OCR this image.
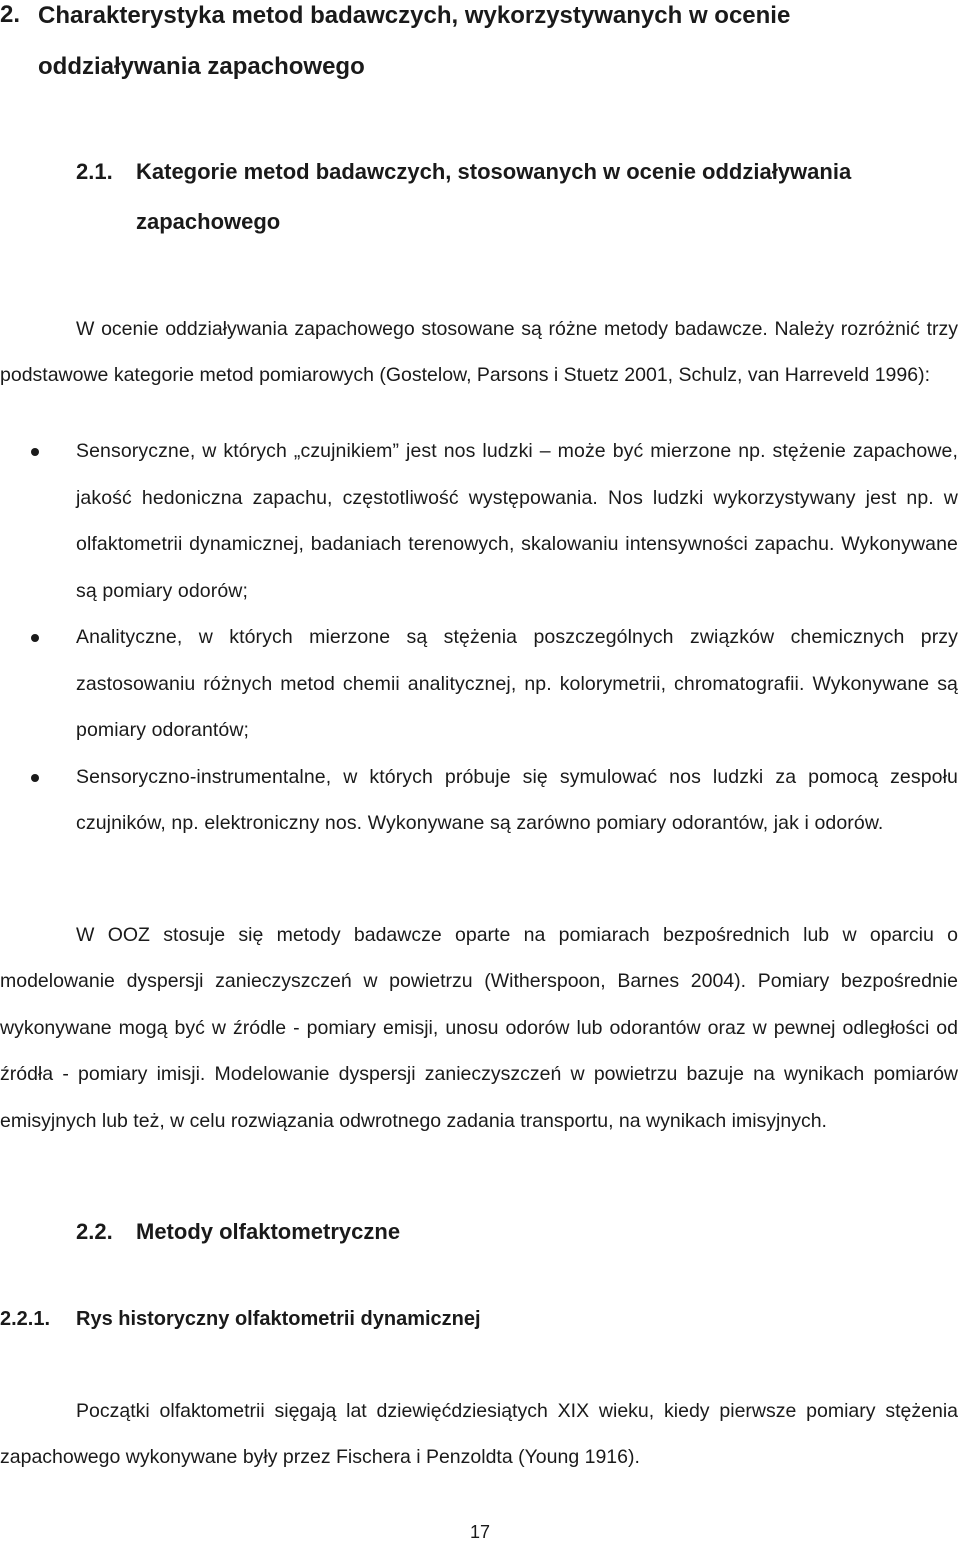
2. Charakterystyka metod badawczych, wykorzystywanych w ocenie oddziaływania zapachowego
2.1. Kategorie metod badawczych, stosowanych w ocenie oddziaływania zapachowego

W ocenie oddziaływania zapachowego stosowane są różne metody badawcze. Należy rozróżnić trzy podstawowe kategorie metod pomiarowych (Gostelow, Parsons i Stuetz 2001, Schulz, van Harreveld 1996):

Sensoryczne, w których „czujnikiem” jest nos ludzki – może być mierzone np. stężenie zapachowe, jakość hedoniczna zapachu, częstotliwość występowania. Nos ludzki wykorzystywany jest np. w olfaktometrii dynamicznej, badaniach terenowych, skalowaniu intensywności zapachu. Wykonywane są pomiary odorów;
Analityczne, w których mierzone są stężenia poszczególnych związków chemicznych przy zastosowaniu różnych metod chemii analitycznej, np. kolorymetrii, chromatografii. Wykonywane są pomiary odorantów;
Sensoryczno-instrumentalne, w których próbuje się symulować nos ludzki za pomocą zespołu czujników, np. elektroniczny nos. Wykonywane są zarówno pomiary odorantów, jak i odorów.

W OOZ stosuje się metody badawcze oparte na pomiarach bezpośrednich lub w oparciu o modelowanie dyspersji zanieczyszczeń w powietrzu (Witherspoon, Barnes 2004). Pomiary bezpośrednie wykonywane mogą być w źródle - pomiary emisji, unosu odorów lub odorantów oraz w pewnej odległości od źródła - pomiary imisji. Modelowanie dyspersji zanieczyszczeń w powietrzu bazuje na wynikach pomiarów emisyjnych lub też, w celu rozwiązania odwrotnego zadania transportu, na wynikach imisyjnych.

2.2. Metody olfaktometryczne
2.2.1. Rys historyczny olfaktometrii dynamicznej

Początki olfaktometrii sięgają lat dziewięćdziesiątych XIX wieku, kiedy pierwsze pomiary stężenia zapachowego wykonywane były przez Fischera i Penzoldta (Young 1916).

17
